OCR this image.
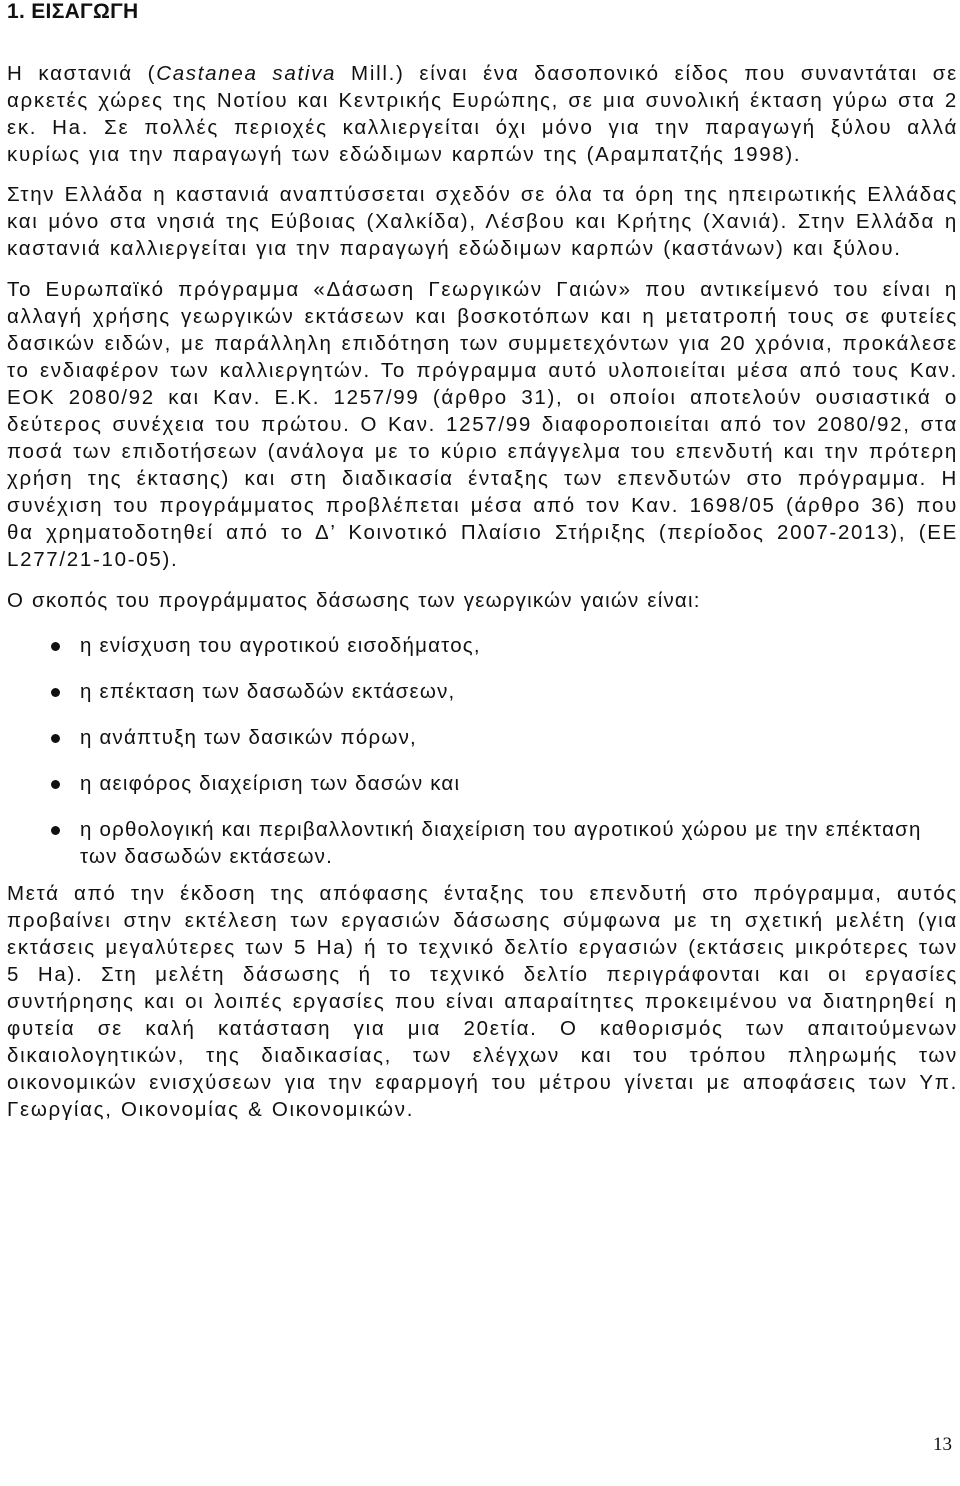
1. ΕΙΣΑΓΩΓΗ

Η καστανιά (Castanea sativa Mill.) είναι ένα δασοπονικό είδος που συναντάται σε αρκετές χώρες της Νοτίου και Κεντρικής Ευρώπης, σε μια συνολική έκταση γύρω στα 2 εκ. Ha. Σε πολλές περιοχές καλλιεργείται όχι μόνο για την παραγωγή ξύλου αλλά κυρίως για την παραγωγή των εδώδιμων καρπών της (Αραμπατζής 1998).

Στην Ελλάδα η καστανιά αναπτύσσεται σχεδόν σε όλα τα όρη της ηπειρωτικής Ελλάδας και μόνο στα νησιά της Εύβοιας (Χαλκίδα), Λέσβου και Κρήτης (Χανιά). Στην Ελλάδα η καστανιά καλλιεργείται για την παραγωγή εδώδιμων καρπών (καστάνων) και ξύλου.

Το Ευρωπαϊκό πρόγραμμα «Δάσωση Γεωργικών Γαιών» που αντικείμενό του είναι η αλλαγή χρήσης γεωργικών εκτάσεων και βοσκοτόπων και η μετατροπή τους σε φυτείες δασικών ειδών, με παράλληλη επιδότηση των συμμετεχόντων για 20 χρόνια, προκάλεσε το ενδιαφέρον των καλλιεργητών. Το πρόγραμμα αυτό υλοποιείται μέσα από τους Καν. ΕΟΚ 2080/92 και Καν. Ε.Κ. 1257/99 (άρθρο 31), οι οποίοι αποτελούν ουσιαστικά ο δεύτερος συνέχεια του πρώτου. Ο Καν. 1257/99 διαφοροποιείται από τον 2080/92, στα ποσά των επιδοτήσεων (ανάλογα με το κύριο επάγγελμα του επενδυτή και την πρότερη χρήση της έκτασης) και στη διαδικασία ένταξης των επενδυτών στο πρόγραμμα. Η συνέχιση του προγράμματος προβλέπεται μέσα από τον Καν. 1698/05 (άρθρο 36) που θα χρηματοδοτηθεί από το Δ’ Κοινοτικό Πλαίσιο Στήριξης (περίοδος 2007-2013), (ΕΕ L277/21-10-05).

Ο σκοπός του προγράμματος δάσωσης των γεωργικών γαιών είναι:

η ενίσχυση του αγροτικού εισοδήματος,
η επέκταση των δασωδών εκτάσεων,
η ανάπτυξη των δασικών πόρων,
η αειφόρος διαχείριση των δασών και
η ορθολογική και περιβαλλοντική διαχείριση του αγροτικού χώρου με την επέκταση των δασωδών εκτάσεων.

Μετά από την έκδοση της απόφασης ένταξης του επενδυτή στο πρόγραμμα, αυτός προβαίνει στην εκτέλεση των εργασιών δάσωσης σύμφωνα με τη σχετική μελέτη (για εκτάσεις μεγαλύτερες των 5 Ha) ή το τεχνικό δελτίο εργασιών (εκτάσεις μικρότερες των 5 Ha). Στη μελέτη δάσωσης ή το τεχνικό δελτίο περιγράφονται και οι εργασίες συντήρησης και οι λοιπές εργασίες που είναι απαραίτητες προκειμένου να διατηρηθεί η φυτεία σε καλή κατάσταση για μια 20ετία. Ο καθορισμός των απαιτούμενων δικαιολογητικών, της διαδικασίας, των ελέγχων και του τρόπου πληρωμής των οικονομικών ενισχύσεων για την εφαρμογή του μέτρου γίνεται με αποφάσεις των Υπ. Γεωργίας, Οικονομίας & Οικονομικών.

13
